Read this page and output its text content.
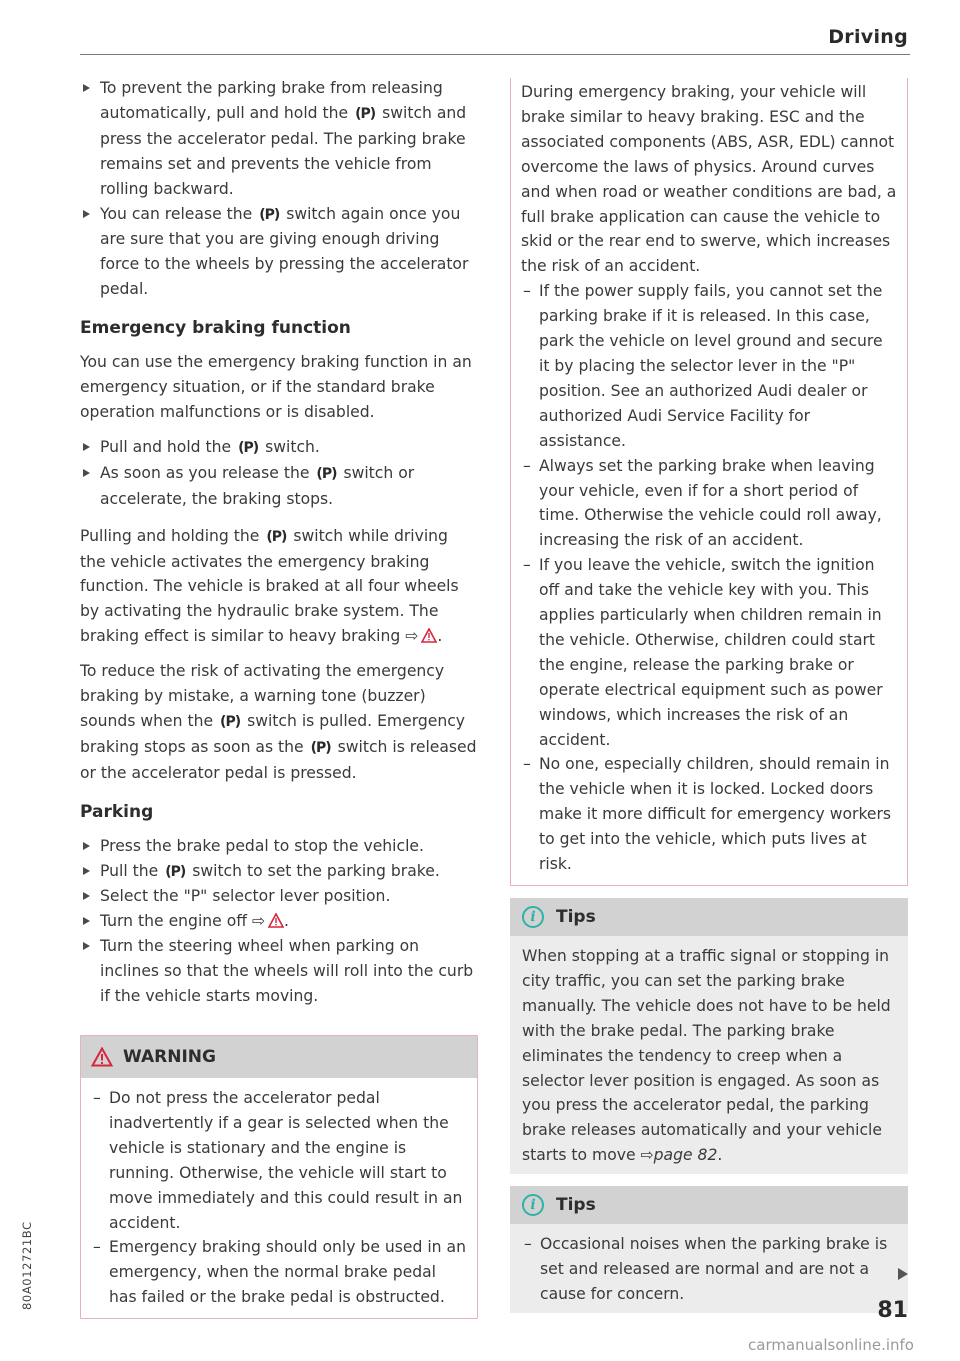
Driving
To prevent the parking brake from releasing automatically, pull and hold the (P) switch and press the accelerator pedal. The parking brake remains set and prevents the vehicle from rolling backward.
You can release the (P) switch again once you are sure that you are giving enough driving force to the wheels by pressing the accelerator pedal.
Emergency braking function

You can use the emergency braking function in an emergency situation, or if the standard brake operation malfunctions or is disabled.

Pull and hold the (P) switch.
As soon as you release the (P) switch or accelerate, the braking stops.

Pulling and holding the (P) switch while driving the vehicle activates the emergency braking function. The vehicle is braked at all four wheels by activating the hydraulic brake system. The braking effect is similar to heavy braking ⇨ .

To reduce the risk of activating the emergency braking by mistake, a warning tone (buzzer) sounds when the (P) switch is pulled. Emergency braking stops as soon as the (P) switch is released or the accelerator pedal is pressed.

Parking
Press the brake pedal to stop the vehicle.
Pull the (P) switch to set the parking brake.
Select the "P" selector lever position.
Turn the engine off ⇨ .
Turn the steering wheel when parking on inclines so that the wheels will roll into the curb if the vehicle starts moving.
WARNING
– Do not press the accelerator pedal inadvertently if a gear is selected when the vehicle is stationary and the engine is running. Otherwise, the vehicle will start to move immediately and this could result in an accident.
– Emergency braking should only be used in an emergency, when the normal brake pedal has failed or the brake pedal is obstructed.

During emergency braking, your vehicle will brake similar to heavy braking. ESC and the associated components (ABS, ASR, EDL) cannot overcome the laws of physics. Around curves and when road or weather conditions are bad, a full brake application can cause the vehicle to skid or the rear end to swerve, which increases the risk of an accident.

– If the power supply fails, you cannot set the parking brake if it is released. In this case, park the vehicle on level ground and secure it by placing the selector lever in the "P" position. See an authorized Audi dealer or authorized Audi Service Facility for assistance.
– Always set the parking brake when leaving your vehicle, even if for a short period of time. Otherwise the vehicle could roll away, increasing the risk of an accident.
– If you leave the vehicle, switch the ignition off and take the vehicle key with you. This applies particularly when children remain in the vehicle. Otherwise, children could start the engine, release the parking brake or operate electrical equipment such as power windows, which increases the risk of an accident.
– No one, especially children, should remain in the vehicle when it is locked. Locked doors make it more difficult for emergency workers to get into the vehicle, which puts lives at risk.
i	Tips
When stopping at a traffic signal or stopping in city traffic, you can set the parking brake manually. The vehicle does not have to be held with the brake pedal. The parking brake eliminates the tendency to creep when a selector lever position is engaged. As soon as you press the accelerator pedal, the parking brake releases automatically and your vehicle starts to move ⇨page 82.
i	Tips
– Occasional noises when the parking brake is set and released are normal and are not a cause for concern.
81
80A012721BC
carmanualsonline.info
